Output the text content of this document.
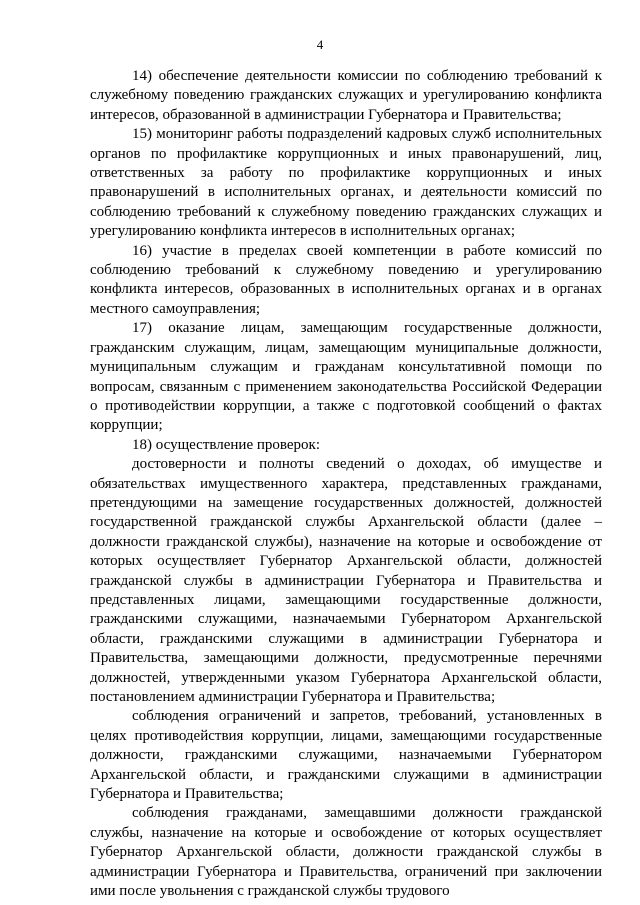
4

14) обеспечение деятельности комиссии по соблюдению требований к служебному поведению гражданских служащих и урегулированию конфликта интересов, образованной в администрации Губернатора и Правительства;

15) мониторинг работы подразделений кадровых служб исполнительных органов по профилактике коррупционных и иных правонарушений, лиц, ответственных за работу по профилактике коррупционных и иных правонарушений в исполнительных органах, и деятельности комиссий по соблюдению требований к служебному поведению гражданских служащих и урегулированию конфликта интересов в исполнительных органах;

16) участие в пределах своей компетенции в работе комиссий по соблюдению требований к служебному поведению и урегулированию конфликта интересов, образованных в исполнительных органах и в органах местного самоуправления;

17) оказание лицам, замещающим государственные должности, гражданским служащим, лицам, замещающим муниципальные должности, муниципальным служащим и гражданам консультативной помощи по вопросам, связанным с применением законодательства Российской Федерации о противодействии коррупции, а также с подготовкой сообщений о фактах коррупции;

18) осуществление проверок:

достоверности и полноты сведений о доходах, об имуществе и обязательствах имущественного характера, представленных гражданами, претендующими на замещение государственных должностей, должностей государственной гражданской службы Архангельской области (далее – должности гражданской службы), назначение на которые и освобождение от которых осуществляет Губернатор Архангельской области, должностей гражданской службы в администрации Губернатора и Правительства и представленных лицами, замещающими государственные должности, гражданскими служащими, назначаемыми Губернатором Архангельской области, гражданскими служащими в администрации Губернатора и Правительства, замещающими должности, предусмотренные перечнями должностей, утвержденными указом Губернатора Архангельской области, постановлением администрации Губернатора и Правительства;

соблюдения ограничений и запретов, требований, установленных в целях противодействия коррупции, лицами, замещающими государственные должности, гражданскими служащими, назначаемыми Губернатором Архангельской области, и гражданскими служащими в администрации Губернатора и Правительства;

соблюдения гражданами, замещавшими должности гражданской службы, назначение на которые и освобождение от которых осуществляет Губернатор Архангельской области, должности гражданской службы в администрации Губернатора и Правительства, ограничений при заключении ими после увольнения с гражданской службы трудового
